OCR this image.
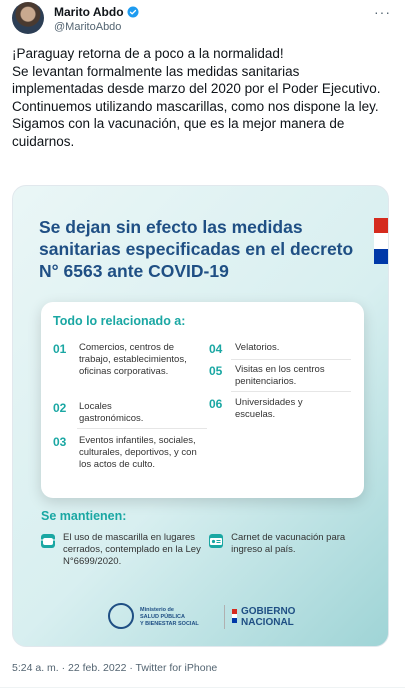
Marito Abdo
@MaritoAbdo
···
¡Paraguay retorna de a poco a la normalidad!
Se levantan formalmente las medidas sanitarias implementadas desde marzo del 2020 por el Poder Ejecutivo.
Continuemos utilizando mascarillas, como nos dispone la ley. Sigamos con la vacunación, que es la mejor manera de cuidarnos.
Se dejan sin efecto las medidas sanitarias especificadas en el decreto N° 6563 ante COVID-19
Todo lo relacionado a:
01	Comercios, centros de trabajo, establecimientos, oficinas corporativas.
02	Locales gastronómicos.
03	Eventos infantiles, sociales, culturales, deportivos, y con los actos de culto.
04	Velatorios.
05	Visitas en los centros penitenciarios.
06	Universidades y escuelas.
Se mantienen:
El uso de mascarilla en lugares cerrados, contemplado en la Ley N°6699/2020.
Carnet de vacunación para ingreso al país.
Ministerio de
SALUD PÚBLICA
Y BIENESTAR SOCIAL
GOBIERNO
NACIONAL
5:24 a. m. · 22 feb. 2022 · Twitter for iPhone
